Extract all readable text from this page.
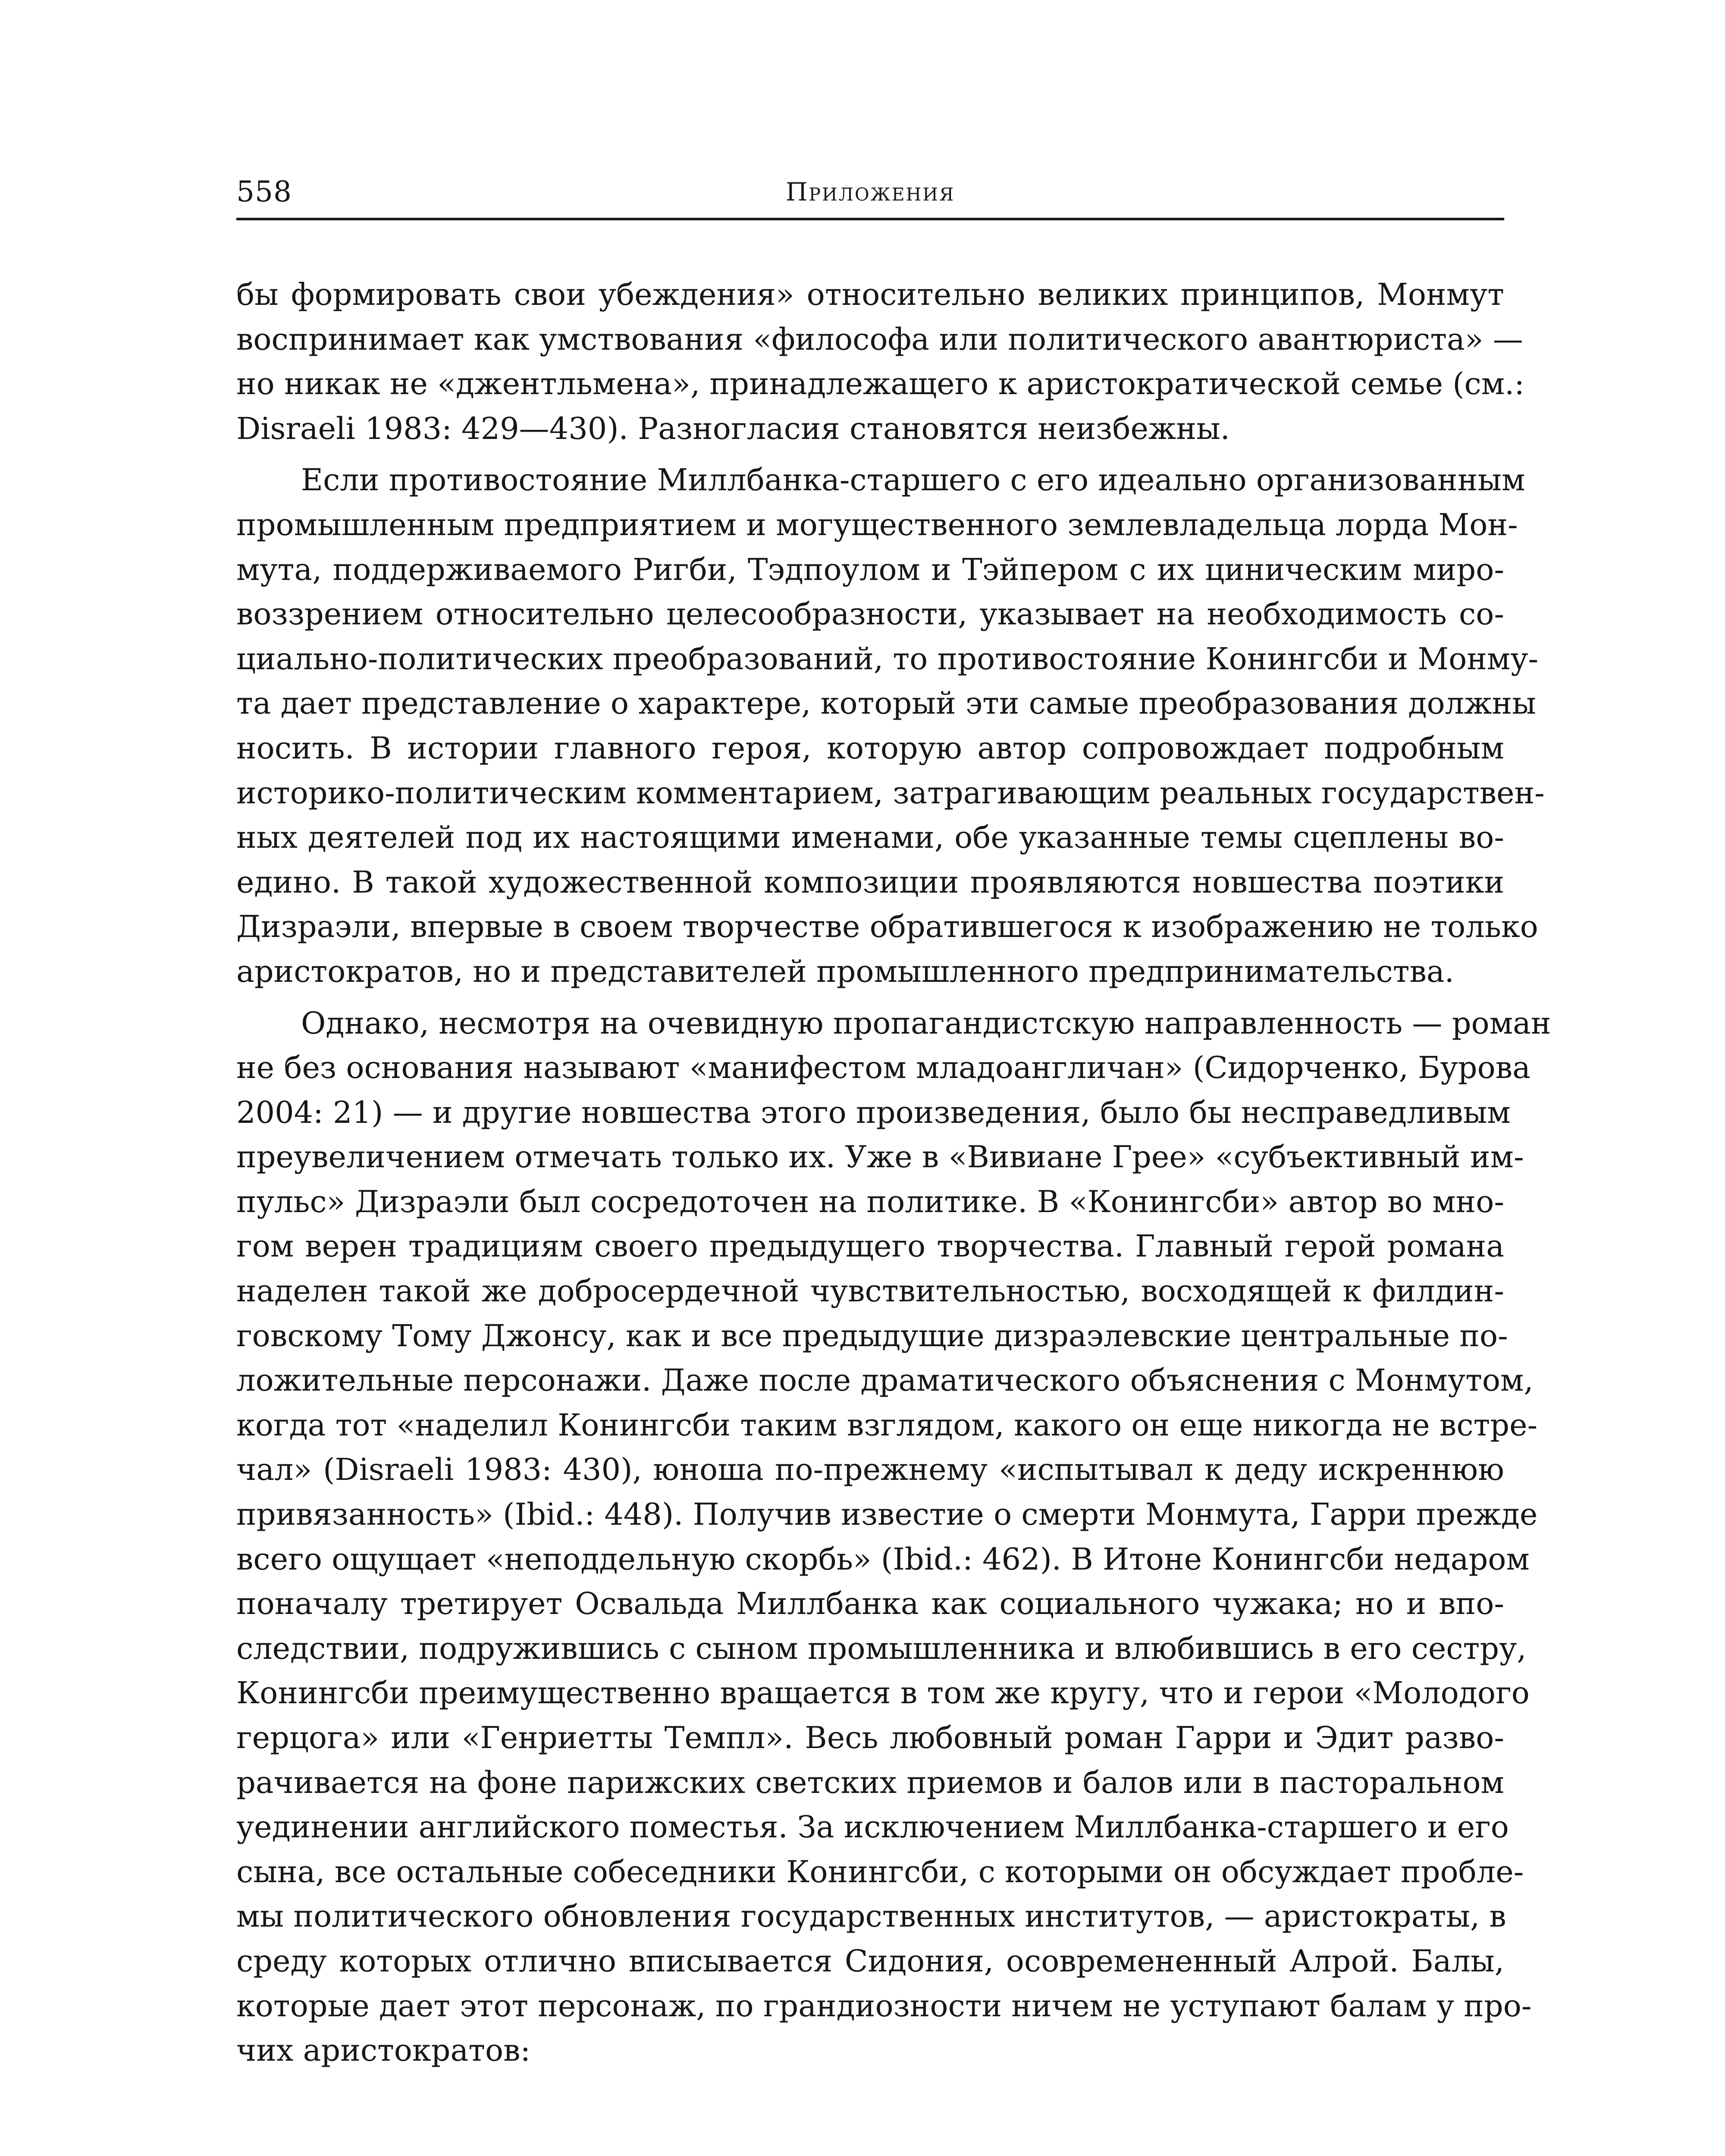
558	Приложения

бы формировать свои убеждения» относительно великих принципов, Монмут
воспринимает как умствования «философа или политического авантюриста» —
но никак не «джентльмена», принадлежащего к аристократической семье (см.:
Disraeli 1983: 429—430). Разногласия становятся неизбежны.

Если противостояние Миллбанка-старшего с его идеально организованным
промышленным предприятием и могущественного землевладельца лорда Мон-
мута, поддерживаемого Ригби, Тэдпоулом и Тэйпером с их циническим миро-
воззрением относительно целесообразности, указывает на необходимость со-
циально-политических преобразований, то противостояние Конингсби и Монму-
та дает представление о характере, который эти самые преобразования должны
носить. В истории главного героя, которую автор сопровождает подробным
историко-политическим комментарием, затрагивающим реальных государствен-
ных деятелей под их настоящими именами, обе указанные темы сцеплены во-
едино. В такой художественной композиции проявляются новшества поэтики
Дизраэли, впервые в своем творчестве обратившегося к изображению не только
аристократов, но и представителей промышленного предпринимательства.

Однако, несмотря на очевидную пропагандистскую направленность — роман
не без основания называют «манифестом младоангличан» (Сидорченко, Бурова
2004: 21) — и другие новшества этого произведения, было бы несправедливым
преувеличением отмечать только их. Уже в «Вивиане Грее» «субъективный им-
пульс» Дизраэли был сосредоточен на политике. В «Конингсби» автор во мно-
гом верен традициям своего предыдущего творчества. Главный герой романа
наделен такой же добросердечной чувствительностью, восходящей к филдин-
говскому Тому Джонсу, как и все предыдущие дизраэлевские центральные по-
ложительные персонажи. Даже после драматического объяснения с Монмутом,
когда тот «наделил Конингсби таким взглядом, какого он еще никогда не встре-
чал» (Disraeli 1983: 430), юноша по-прежнему «испытывал к деду искреннюю
привязанность» (Ibid.: 448). Получив известие о смерти Монмута, Гарри прежде
всего ощущает «неподдельную скорбь» (Ibid.: 462). В Итоне Конингсби недаром
поначалу третирует Освальда Миллбанка как социального чужака; но и впо-
следствии, подружившись с сыном промышленника и влюбившись в его сестру,
Конингсби преимущественно вращается в том же кругу, что и герои «Молодого
герцога» или «Генриетты Темпл». Весь любовный роман Гарри и Эдит разво-
рачивается на фоне парижских светских приемов и балов или в пасторальном
уединении английского поместья. За исключением Миллбанка-старшего и его
сына, все остальные собеседники Конингсби, с которыми он обсуждает пробле-
мы политического обновления государственных институтов, — аристократы, в
среду которых отлично вписывается Сидония, осовремененный Алрой. Балы,
которые дает этот персонаж, по грандиозности ничем не уступают балам у про-
чих аристократов:
